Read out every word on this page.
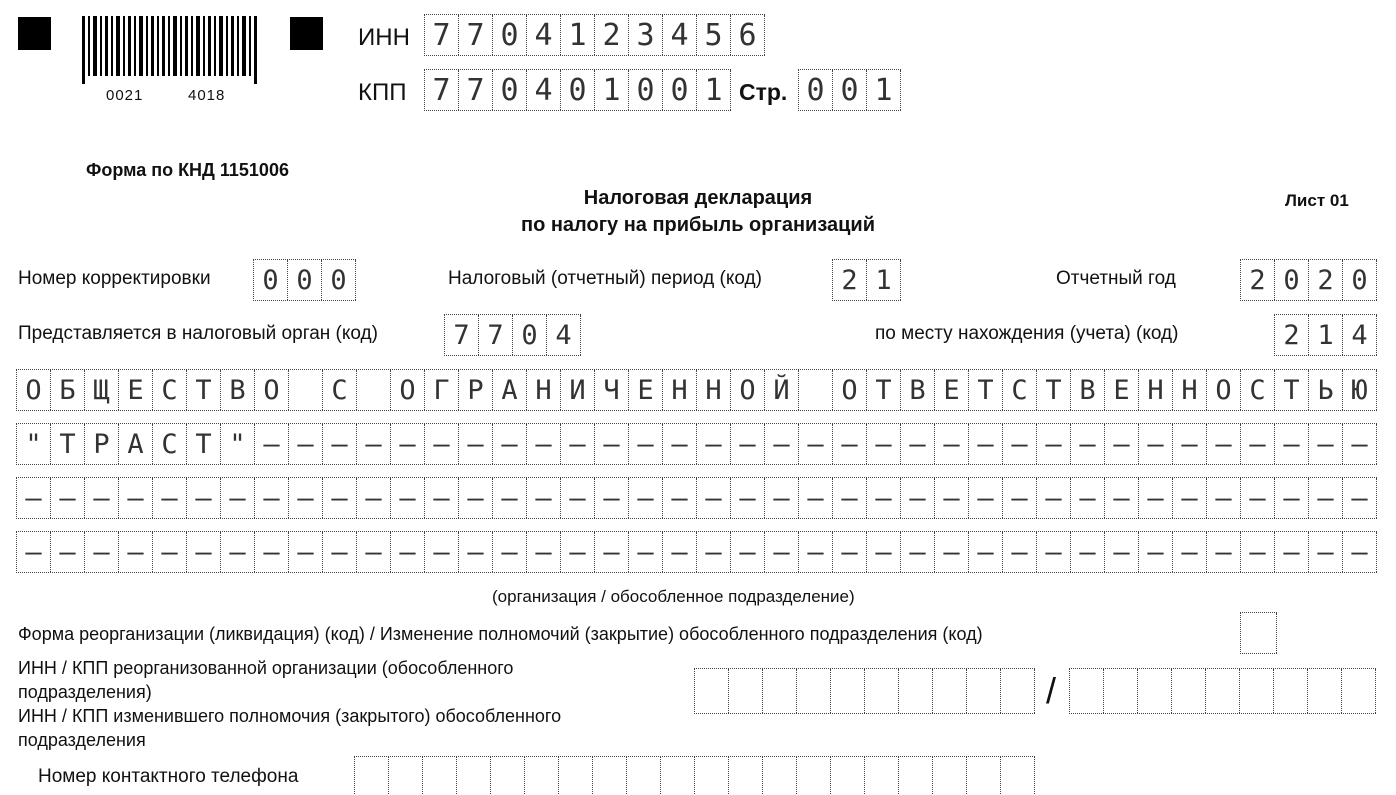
0021	4018
ИНН 7 7 0 4 1 2 3 4 5 6
КПП 7 7 0 4 0 1 0 0 1 Стр. 0 0 1
Форма по КНД 1151006
Налоговая декларация
по налогу на прибыль организаций
Лист 01
Номер корректировки	0 0 0	Налоговый (отчетный) период (код)	2 1	Отчетный год	2 0 2 0
Представляется в налоговый орган (код)	7 7 0 4	по месту нахождения (учета) (код)	2 1 4
О Б Щ Е С Т В О	С	О Г Р А Н И Ч Е Н Н О Й	О Т В Е Т С Т В Е Н Н О С Т Ь Ю
" Т Р А С Т " – – – – – – – – – – – – – – – – – – – – – – – – – – – – – – – – –
– – – – – – – – – – – – – – – – – – – – – – – – – – – – – – – – – – – – – – – –
– – – – – – – – – – – – – – – – – – – – – – – – – – – – – – – – – – – – – – – –
(организация / обособленное подразделение)
Форма реорганизации (ликвидация) (код) / Изменение полномочий (закрытие) обособленного подразделения (код)
ИНН / КПП реорганизованной организации (обособленного
подразделения)
ИНН / КПП изменившего полномочия (закрытого) обособленного
подразделения
/
Номер контактного телефона
